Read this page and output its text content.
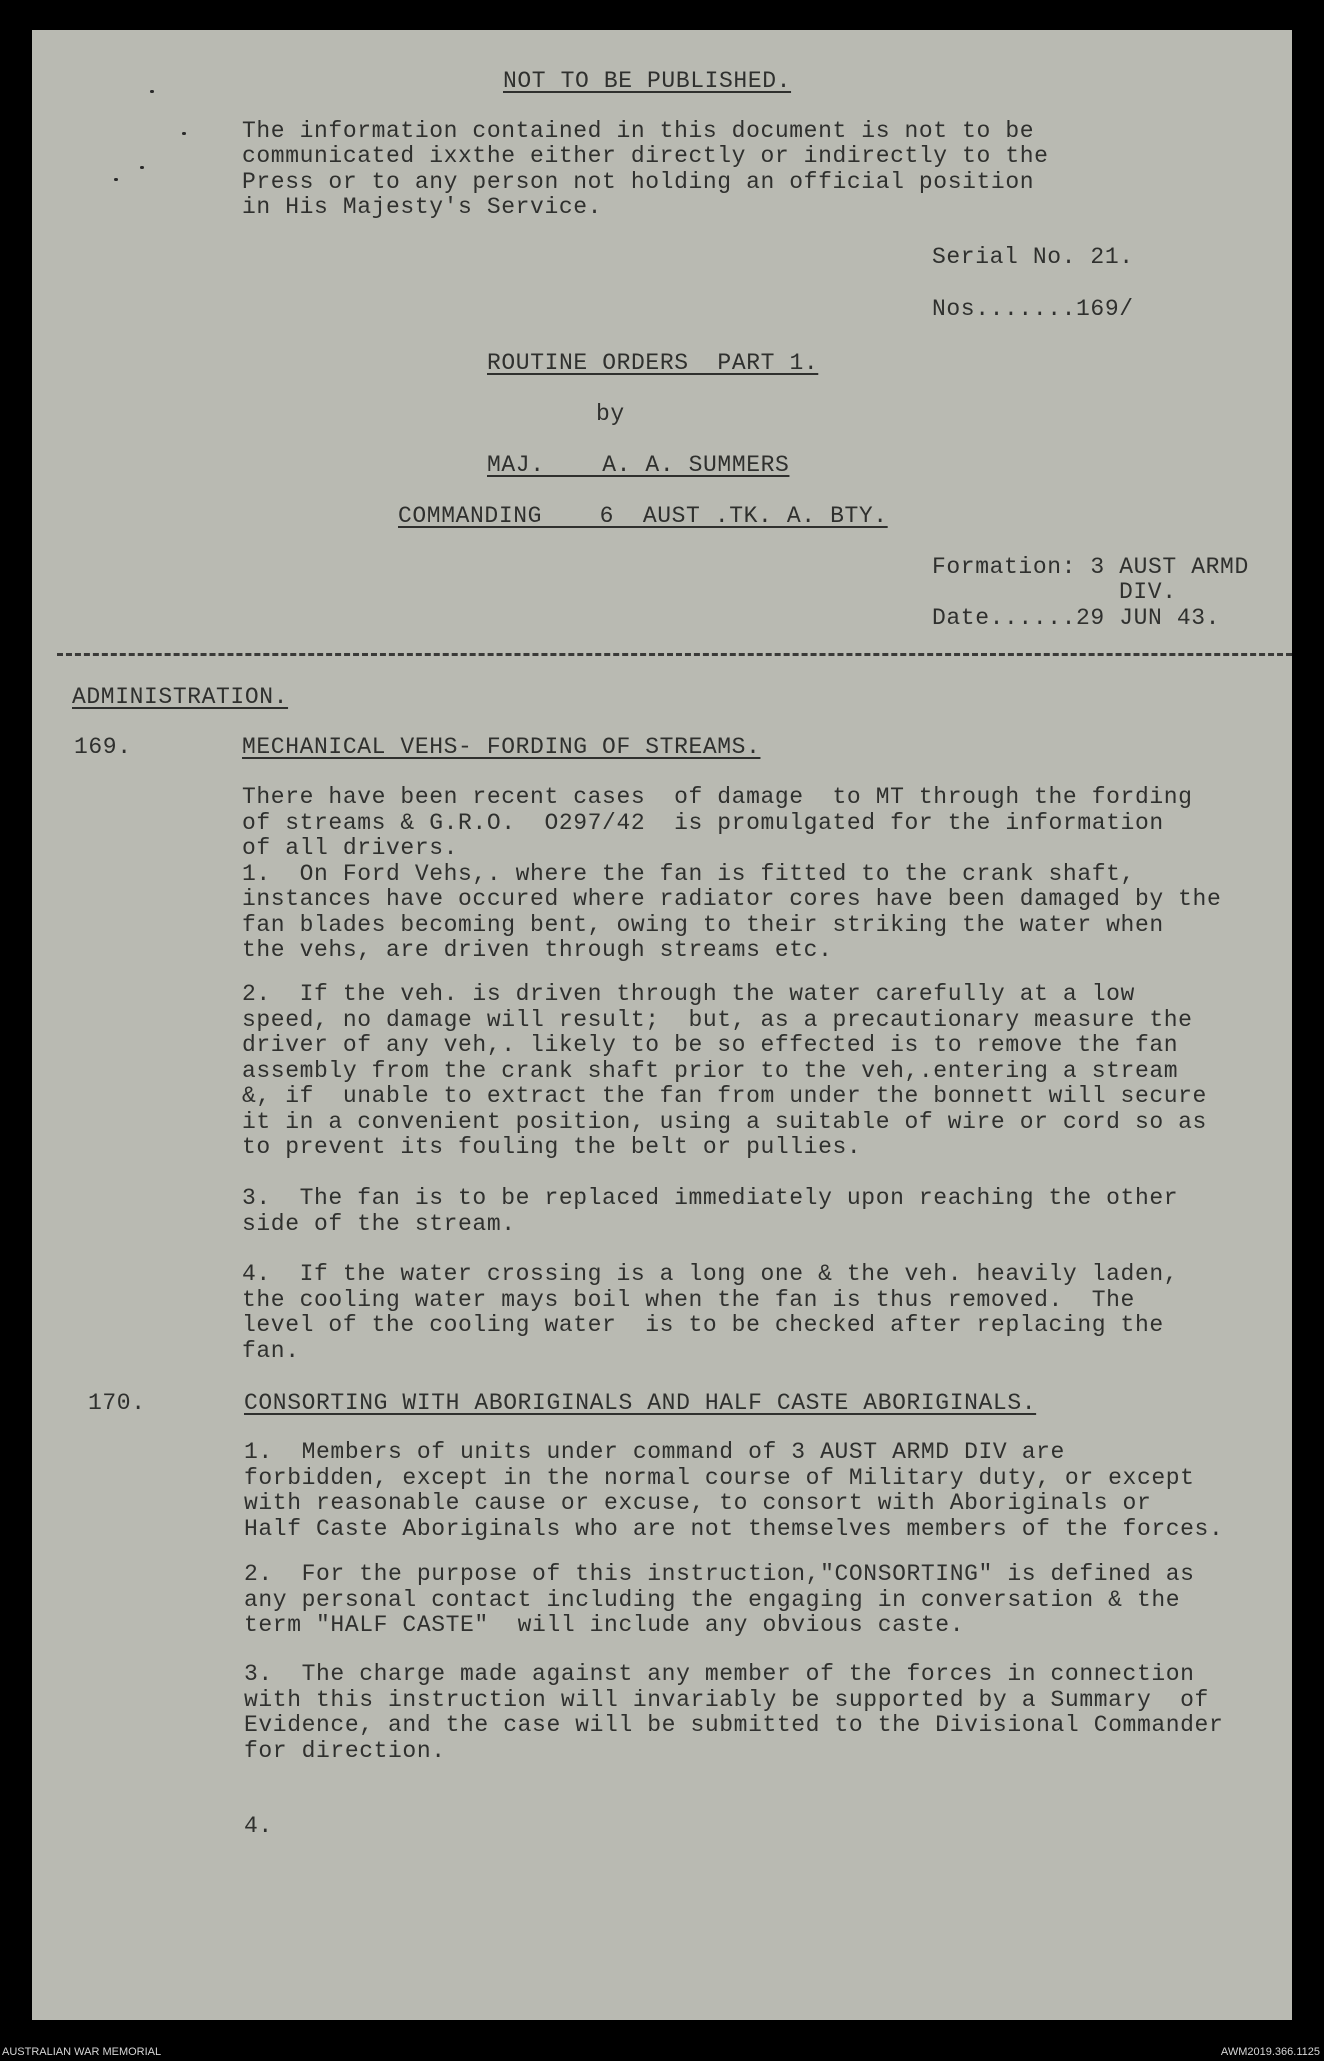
NOT TO BE PUBLISHED.
The information contained in this document is not to be
communicated ixxthe either directly or indirectly to the
Press or to any person not holding an official position
in His Majesty's Service.
Serial No. 21.
Nos.......169/
ROUTINE ORDERS  PART 1.
by
MAJ.    A. A. SUMMERS
COMMANDING    6  AUST .TK. A. BTY.
Formation: 3 AUST ARMD
DIV.
Date......29 JUN 43.
ADMINISTRATION.
169.	MECHANICAL VEHS- FORDING OF STREAMS.
There have been recent cases  of damage  to MT through the fording
of streams & G.R.O.  O297/42  is promulgated for the information
of all drivers.
1.  On Ford Vehs,. where the fan is fitted to the crank shaft,
instances have occured where radiator cores have been damaged by the
fan blades becoming bent, owing to their striking the water when
the vehs, are driven through streams etc.
2.  If the veh. is driven through the water carefully at a low
speed, no damage will result;  but, as a precautionary measure the
driver of any veh,. likely to be so effected is to remove the fan
assembly from the crank shaft prior to the veh,.entering a stream
&, if  unable to extract the fan from under the bonnett will secure
it in a convenient position, using a suitable of wire or cord so as
to prevent its fouling the belt or pullies.
3.  The fan is to be replaced immediately upon reaching the other
side of the stream.
4.  If the water crossing is a long one & the veh. heavily laden,
the cooling water mays boil when the fan is thus removed.  The
level of the cooling water  is to be checked after replacing the
fan.
170.	CONSORTING WITH ABORIGINALS AND HALF CASTE ABORIGINALS.
1.  Members of units under command of 3 AUST ARMD DIV are
forbidden, except in the normal course of Military duty, or except
with reasonable cause or excuse, to consort with Aboriginals or
Half Caste Aboriginals who are not themselves members of the forces.
2.  For the purpose of this instruction,"CONSORTING" is defined as
any personal contact including the engaging in conversation & the
term "HALF CASTE"  will include any obvious caste.
3.  The charge made against any member of the forces in connection
with this instruction will invariably be supported by a Summary  of
Evidence, and the case will be submitted to the Divisional Commander
for direction.
4.
AUSTRALIAN WAR MEMORIAL	AWM2019.366.1125
